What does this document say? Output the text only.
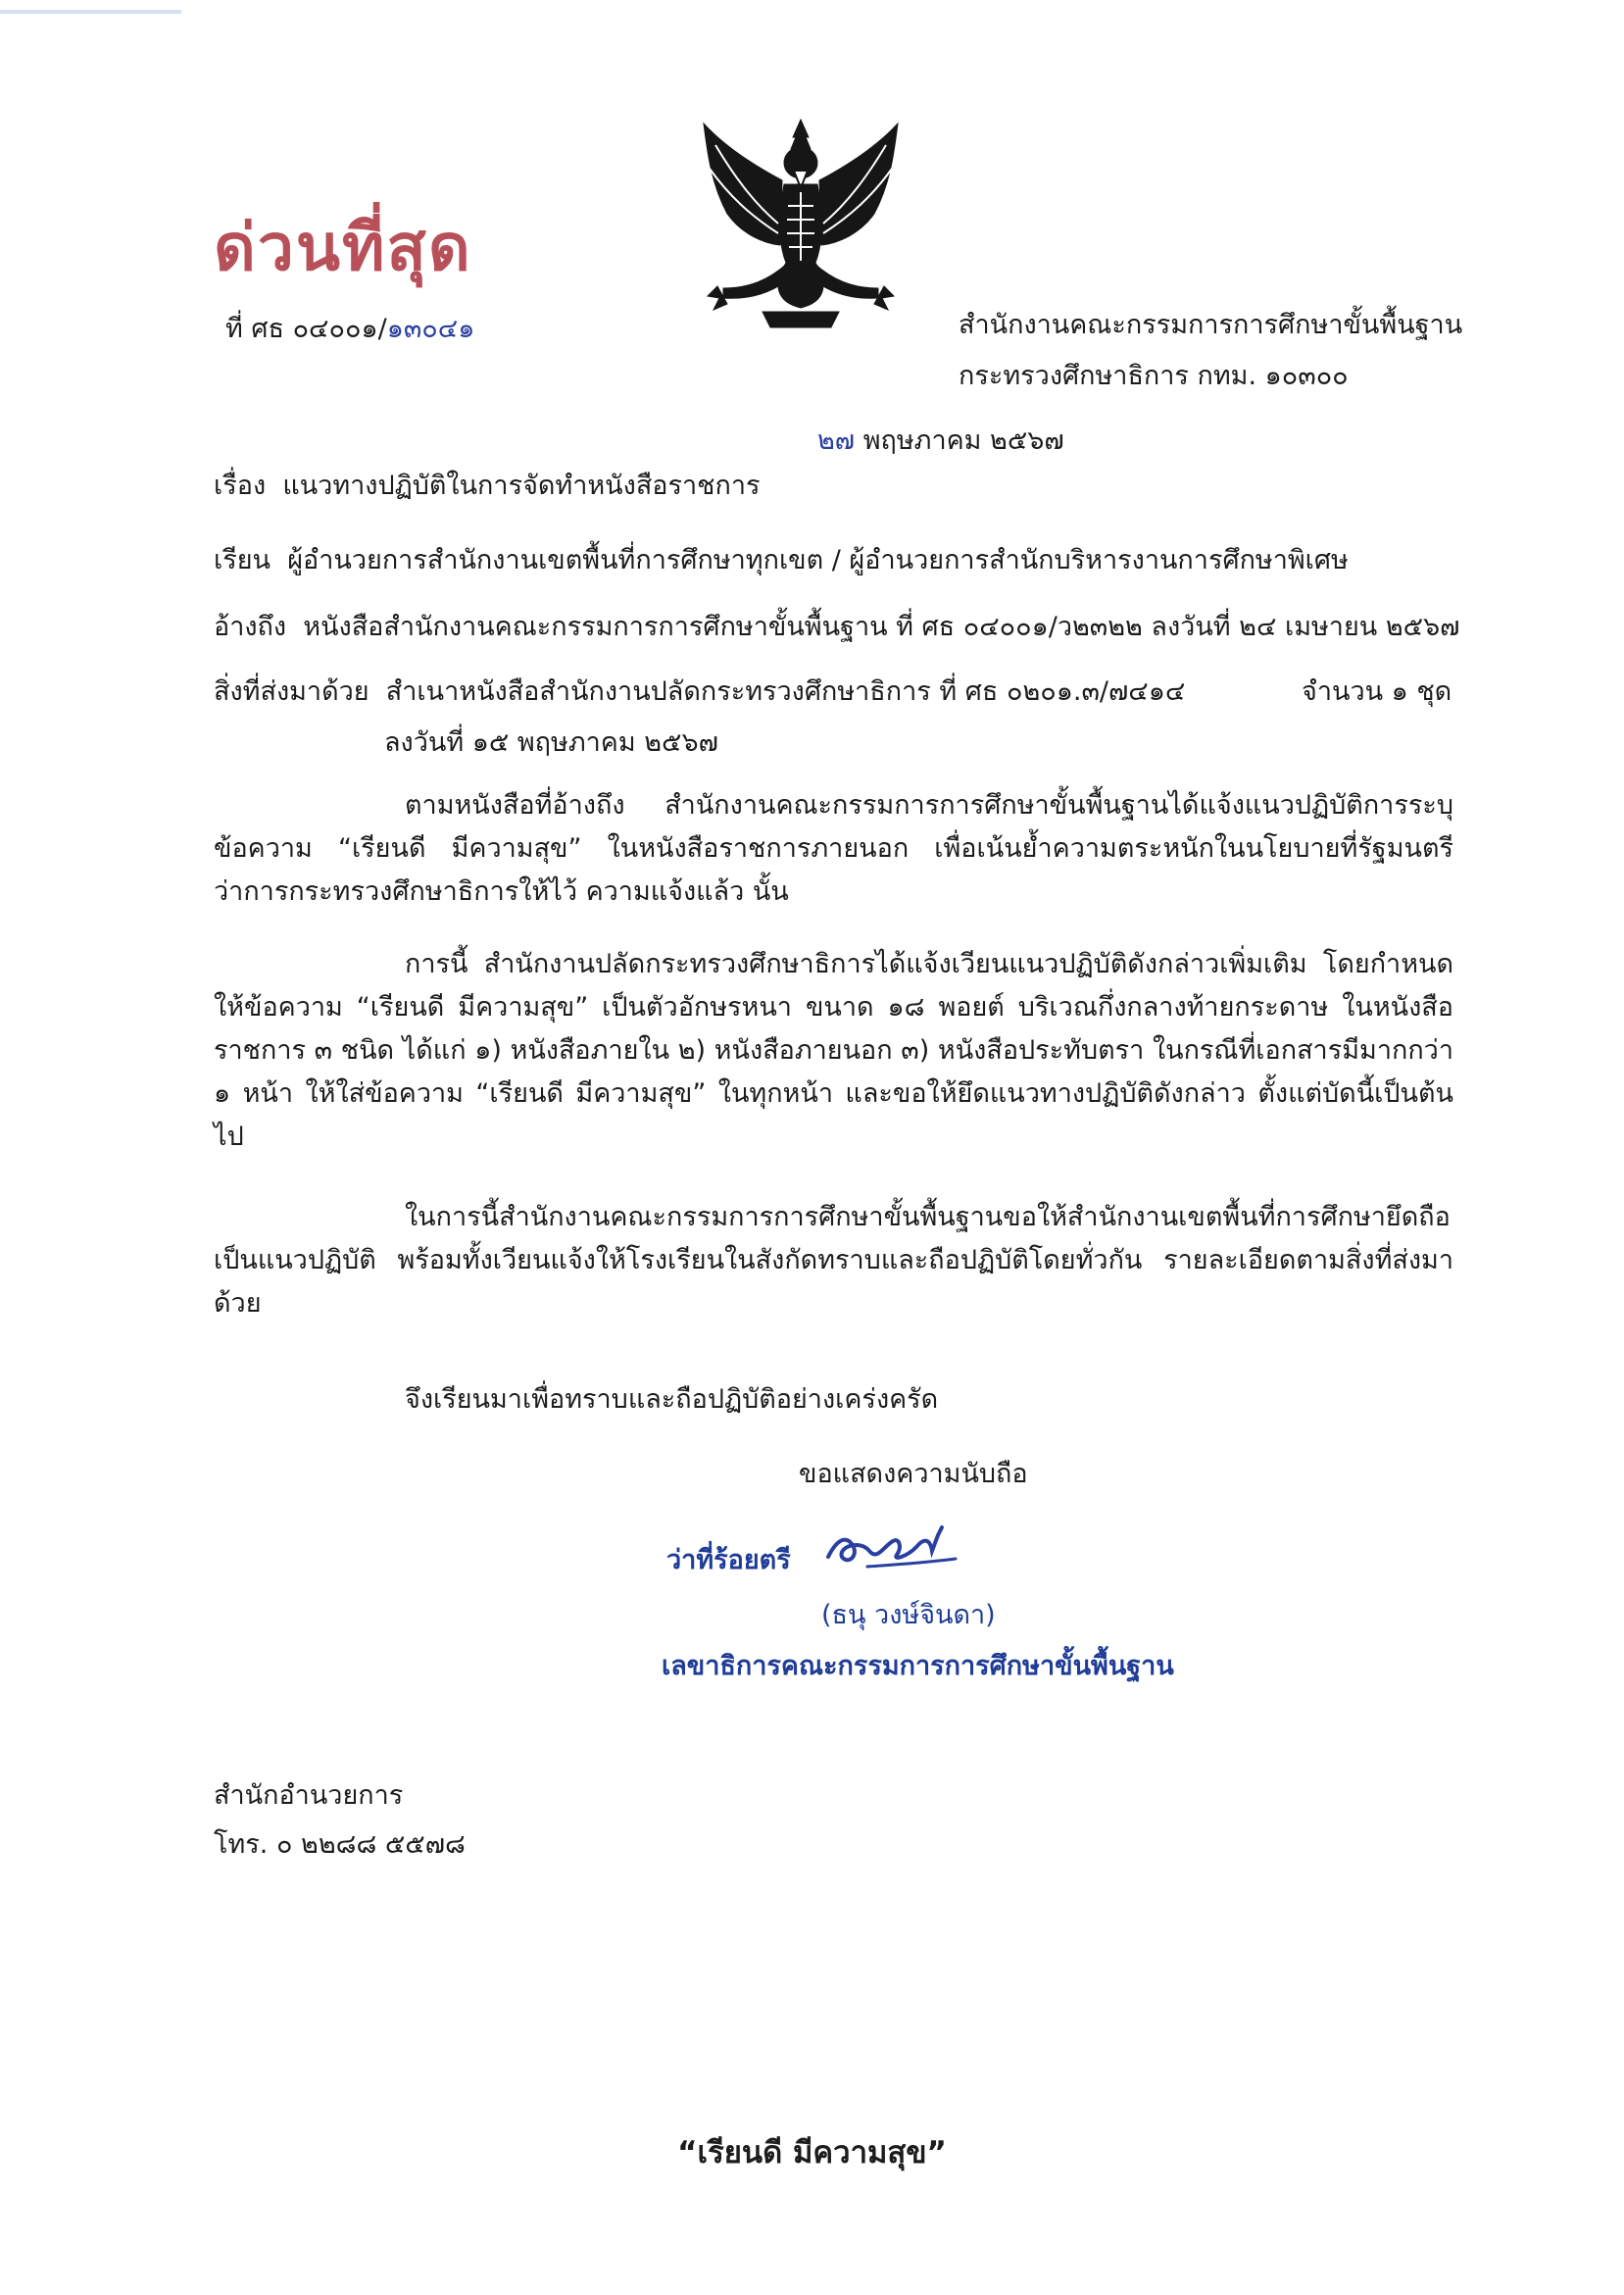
ด่วนที่สุด
ที่ ศธ ๐๔๐๐๑/๑๓๐๔๑	สำนักงานคณะกรรมการการศึกษาขั้นพื้นฐาน
กระทรวงศึกษาธิการ กทม. ๑๐๓๐๐
๒๗ พฤษภาคม ๒๕๖๗
เรื่อง แนวทางปฏิบัติในการจัดทำหนังสือราชการ
เรียน ผู้อำนวยการสำนักงานเขตพื้นที่การศึกษาทุกเขต / ผู้อำนวยการสำนักบริหารงานการศึกษาพิเศษ
อ้างถึง หนังสือสำนักงานคณะกรรมการการศึกษาขั้นพื้นฐาน ที่ ศธ ๐๔๐๐๑/ว๒๓๒๒ ลงวันที่ ๒๔ เมษายน ๒๕๖๗
สิ่งที่ส่งมาด้วย สำเนาหนังสือสำนักงานปลัดกระทรวงศึกษาธิการ ที่ ศธ ๐๒๐๑.๓/๗๔๑๔	จำนวน ๑ ชุด
ลงวันที่ ๑๕ พฤษภาคม ๒๕๖๗
ตามหนังสือที่อ้างถึง สำนักงานคณะกรรมการการศึกษาขั้นพื้นฐานได้แจ้งแนวปฏิบัติการระบุข้อความ “เรียนดี มีความสุข” ในหนังสือราชการภายนอก เพื่อเน้นย้ำความตระหนักในนโยบายที่รัฐมนตรีว่าการกระทรวงศึกษาธิการให้ไว้ ความแจ้งแล้ว นั้น
การนี้ สำนักงานปลัดกระทรวงศึกษาธิการได้แจ้งเวียนแนวปฏิบัติดังกล่าวเพิ่มเติม โดยกำหนดให้ข้อความ “เรียนดี มีความสุข” เป็นตัวอักษรหนา ขนาด ๑๘ พอยต์ บริเวณกึ่งกลางท้ายกระดาษ ในหนังสือราชการ ๓ ชนิด ได้แก่ ๑) หนังสือภายใน ๒) หนังสือภายนอก ๓) หนังสือประทับตรา ในกรณีที่เอกสารมีมากกว่า ๑ หน้า ให้ใส่ข้อความ “เรียนดี มีความสุข” ในทุกหน้า และขอให้ยึดแนวทางปฏิบัติดังกล่าว ตั้งแต่บัดนี้เป็นต้นไป
ในการนี้สำนักงานคณะกรรมการการศึกษาขั้นพื้นฐานขอให้สำนักงานเขตพื้นที่การศึกษายึดถือเป็นแนวปฏิบัติ พร้อมทั้งเวียนแจ้งให้โรงเรียนในสังกัดทราบและถือปฏิบัติโดยทั่วกัน รายละเอียดตามสิ่งที่ส่งมาด้วย
จึงเรียนมาเพื่อทราบและถือปฏิบัติอย่างเคร่งครัด
ขอแสดงความนับถือ
ว่าที่ร้อยตรี
(ธนุ วงษ์จินดา)
เลขาธิการคณะกรรมการการศึกษาขั้นพื้นฐาน
สำนักอำนวยการ
โทร. ๐ ๒๒๘๘ ๕๕๗๘
“เรียนดี มีความสุข”
